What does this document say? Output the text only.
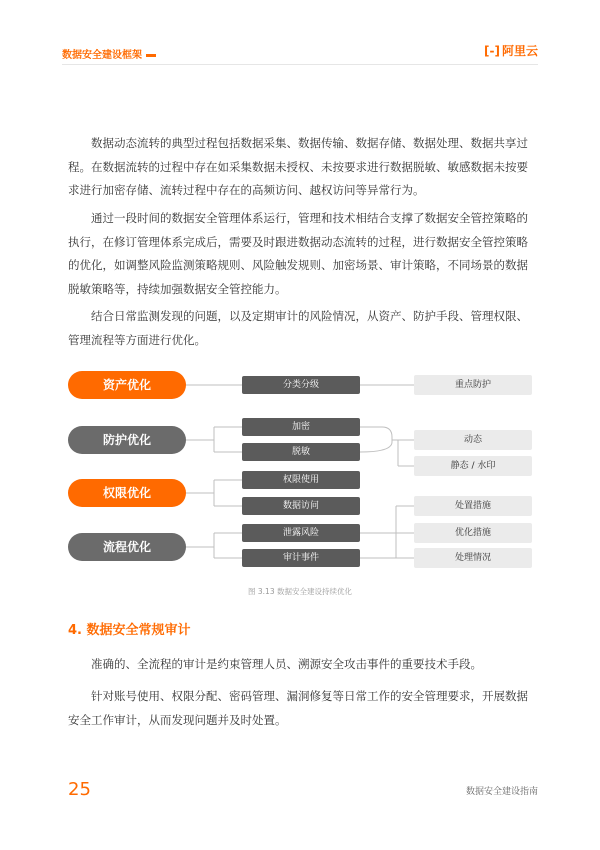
数据安全建设框架	[-] 阿里云

数据动态流转的典型过程包括数据采集、数据传输、数据存储、数据处理、数据共享过程。在数据流转的过程中存在如采集数据未授权、未按要求进行数据脱敏、敏感数据未按要求进行加密存储、流转过程中存在的高频访问、越权访问等异常行为。

通过一段时间的数据安全管理体系运行，管理和技术相结合支撑了数据安全管控策略的执行，在修订管理体系完成后，需要及时跟进数据动态流转的过程，进行数据安全管控策略的优化，如调整风险监测策略规则、风险触发规则、加密场景、审计策略，不同场景的数据脱敏策略等，持续加强数据安全管控能力。

结合日常监测发现的问题，以及定期审计的风险情况，从资产、防护手段、管理权限、管理流程等方面进行优化。

资产优化
防护优化
权限优化
流程优化
分类分级
加密
脱敏
权限使用
数据访问
泄露风险
审计事件
重点防护
动态
静态 / 水印
处置措施
优化措施
处理情况
图 3.13 数据安全建设持续优化
4. 数据安全常规审计

准确的、全流程的审计是约束管理人员、溯源安全攻击事件的重要技术手段。

针对账号使用、权限分配、密码管理、漏洞修复等日常工作的安全管理要求，开展数据安全工作审计，从而发现问题并及时处置。

25	数据安全建设指南
